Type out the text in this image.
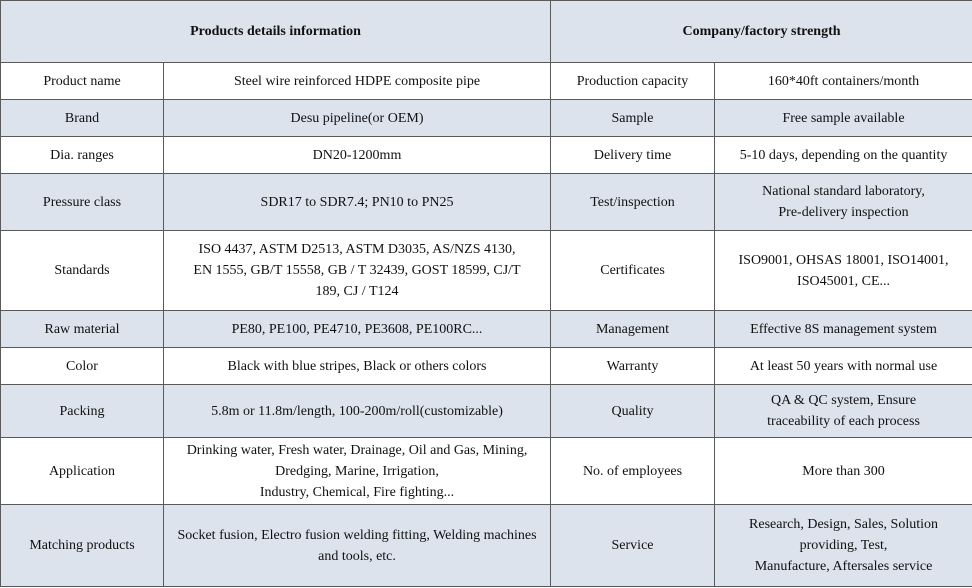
Products details information		Company/factory strength	
Product name	Steel wire reinforced HDPE composite pipe	Production capacity	160*40ft containers/month
Brand	Desu pipeline(or OEM)	Sample	Free sample available
Dia. ranges	DN20-1200mm	Delivery time	5-10 days, depending on the quantity
Pressure class	SDR17 to SDR7.4; PN10 to PN25	Test/inspection	National standard laboratory,
Pre-delivery inspection
Standards	ISO 4437, ASTM D2513, ASTM D3035, AS/NZS 4130,
EN 1555, GB/T 15558, GB / T 32439, GOST 18599, CJ/T
189, CJ / T124	Certificates	ISO9001, OHSAS 18001, ISO14001,
ISO45001, CE...
Raw material	PE80, PE100, PE4710, PE3608, PE100RC...	Management	Effective 8S management system
Color	Black with blue stripes, Black or others colors	Warranty	At least 50 years with normal use
Packing	5.8m or 11.8m/length, 100-200m/roll(customizable)	Quality	QA & QC system, Ensure
traceability of each process
Application	Drinking water, Fresh water, Drainage, Oil and Gas, Mining,
Dredging, Marine, Irrigation,
Industry, Chemical, Fire fighting...	No. of employees	More than 300
Matching products	Socket fusion, Electro fusion welding fitting, Welding machines
and tools, etc.	Service	Research, Design, Sales, Solution
providing, Test,
Manufacture, Aftersales service
